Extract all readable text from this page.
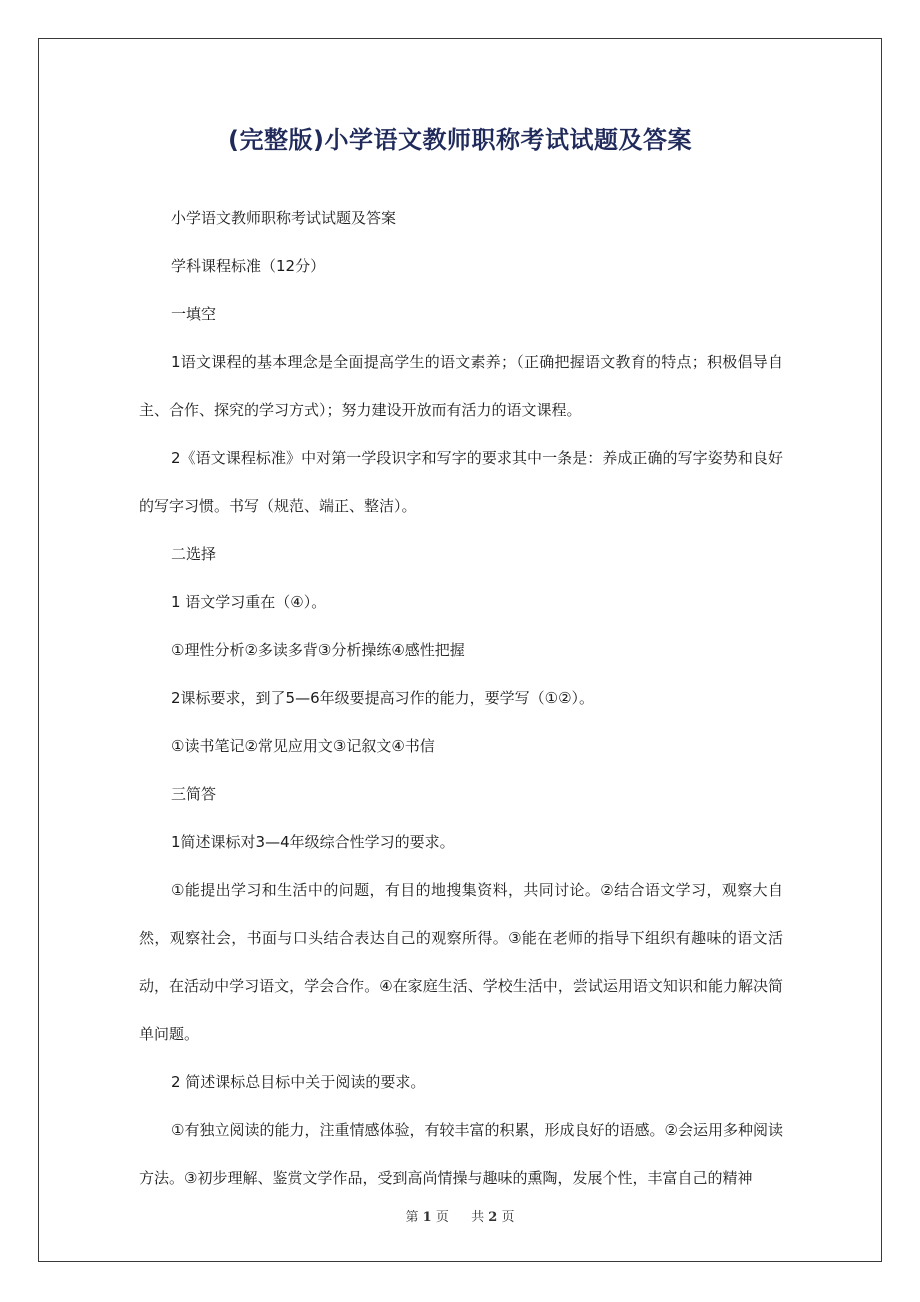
(完整版)小学语文教师职称考试试题及答案

小学语文教师职称考试试题及答案

学科课程标准（12分）

一填空

1语文课程的基本理念是全面提高学生的语文素养；（正确把握语文教育的特点；积极倡导自主、合作、探究的学习方式）；努力建设开放而有活力的语文课程。

2《语文课程标准》中对第一学段识字和写字的要求其中一条是：养成正确的写字姿势和良好的写字习惯。书写（规范、端正、整洁）。

二选择

1 语文学习重在（④）。

①理性分析②多读多背③分析操练④感性把握

2课标要求，到了5—6年级要提高习作的能力，要学写（①②）。

①读书笔记②常见应用文③记叙文④书信

三简答

1简述课标对3—4年级综合性学习的要求。

①能提出学习和生活中的问题，有目的地搜集资料，共同讨论。②结合语文学习，观察大自然，观察社会，书面与口头结合表达自己的观察所得。③能在老师的指导下组织有趣味的语文活动，在活动中学习语文，学会合作。④在家庭生活、学校生活中，尝试运用语文知识和能力解决简单问题。

2 简述课标总目标中关于阅读的要求。

①有独立阅读的能力，注重情感体验，有较丰富的积累，形成良好的语感。②会运用多种阅读方法。③初步理解、鉴赏文学作品，受到高尚情操与趣味的熏陶，发展个性，丰富自己的精神

第 1 页 共 2 页
